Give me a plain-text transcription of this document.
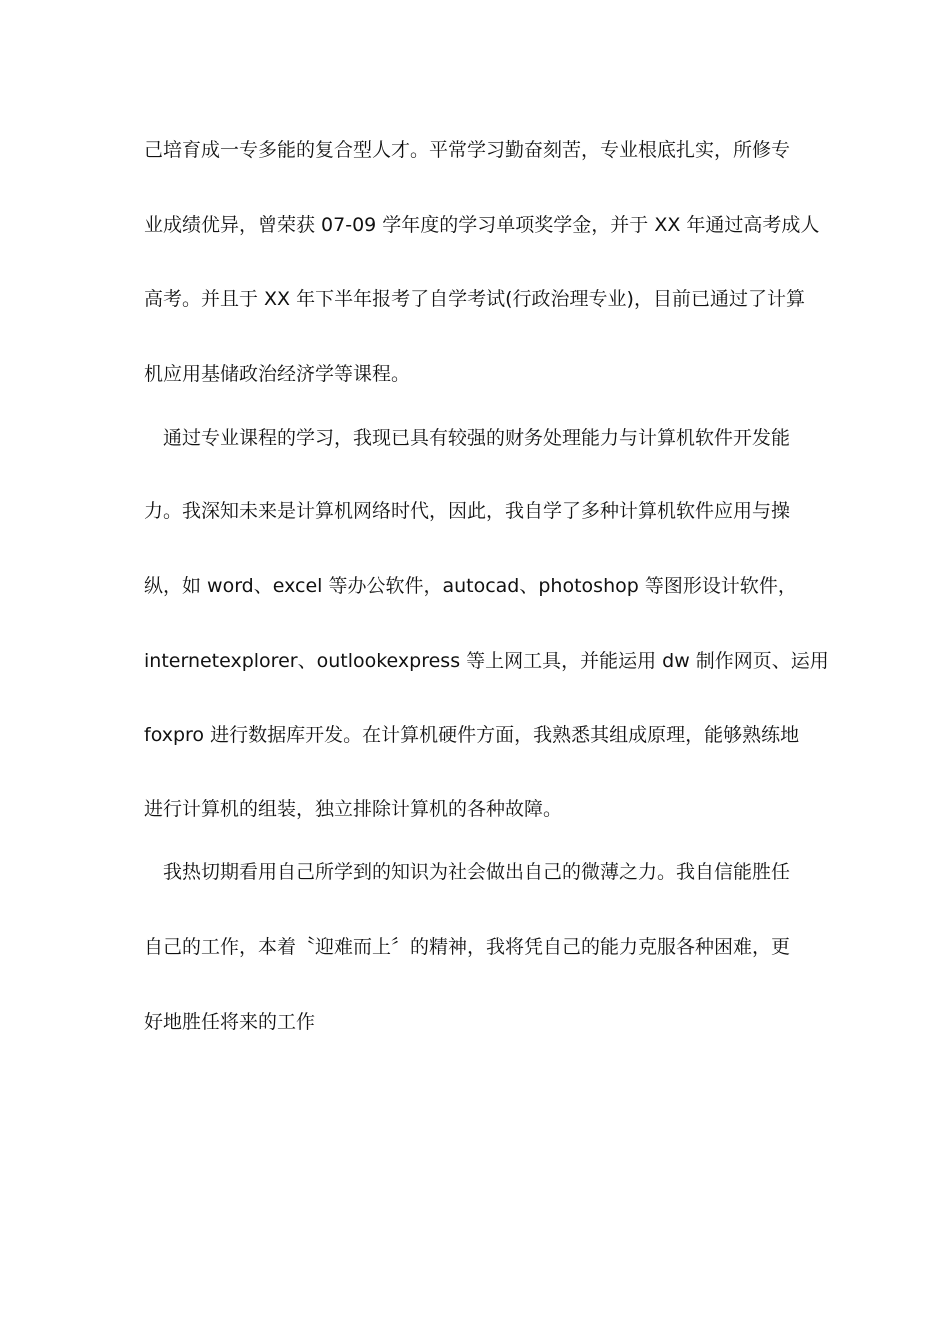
己培育成一专多能的复合型人才。平常学习勤奋刻苦，专业根底扎实，所修专
业成绩优异，曾荣获 07-09 学年度的学习单项奖学金，并于 XX 年通过高考成人
高考。并且于 XX 年下半年报考了自学考试(行政治理专业)，目前已通过了计算
机应用基储政治经济学等课程。
通过专业课程的学习，我现已具有较强的财务处理能力与计算机软件开发能
力。我深知未来是计算机网络时代，因此，我自学了多种计算机软件应用与操
纵，如 word、excel 等办公软件，autocad、photoshop 等图形设计软件，
internetexplorer、outlookexpress 等上网工具，并能运用 dw 制作网页、运用
foxpro 进行数据库开发。在计算机硬件方面，我熟悉其组成原理，能够熟练地
进行计算机的组装，独立排除计算机的各种故障。
我热切期看用自己所学到的知识为社会做出自己的微薄之力。我自信能胜任
自己的工作，本着〝迎难而上〞的精神，我将凭自己的能力克服各种困难，更
好地胜任将来的工作
